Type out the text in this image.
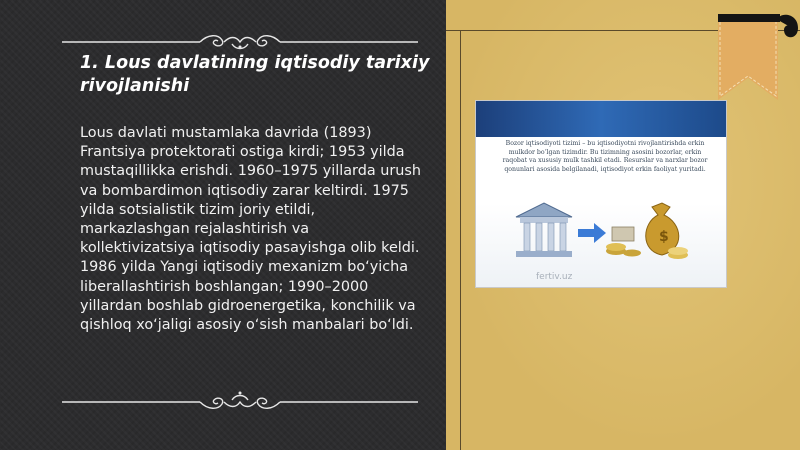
1. Lous davlatining iqtisodiy tarixiy rivojlanishi

Lous davlati mustamlaka davrida (1893) Frantsiya protektorati ostiga kirdi; 1953 yilda mustaqillikka erishdi. 1960–1975 yillarda urush va bombardimon iqtisodiy zarar keltirdi. 1975 yilda sotsialistik tizim joriy etildi, markazlashgan rejalashtirish va kollektivizatsiya iqtisodiy pasayishga olib keldi. 1986 yilda Yangi iqtisodiy mexanizm bo‘yicha liberallashtirish boshlangan; 1990–2000 yillardan boshlab gidroenergetika, konchilik va qishloq xo‘jaligi asosiy o‘sish manbalari bo‘ldi.

Bozor iqtisodiyoti tizimi – bu iqtisodiyotni rivojlantirishda erkin mulkdor bo‘lgan tizimdir. Bu tizimning asosini bozorlar, erkin raqobat va xususiy mulk tashkil etadi. Resurslar va narxlar bozor qonunlari asosida belgilanadi, iqtisodiyot erkin faoliyat yuritadi.

$

fertiv.uz
